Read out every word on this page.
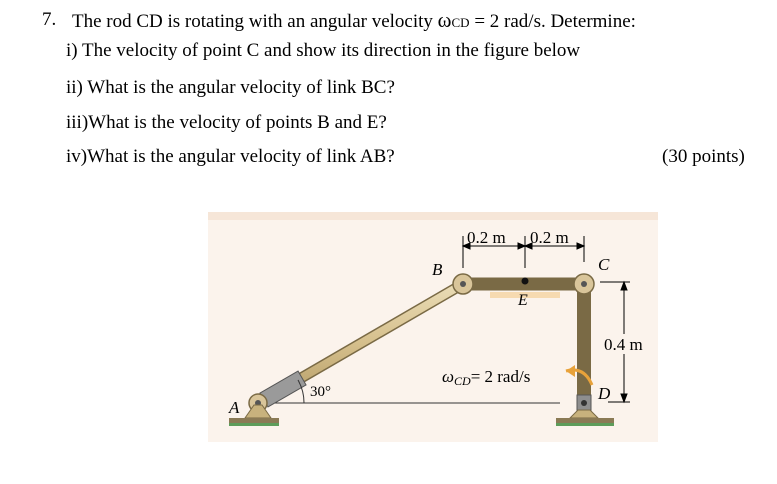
7. The rod CD is rotating with an angular velocity ωCD = 2 rad/s. Determine:
i) The velocity of point C and show its direction in the figure below
ii) What is the angular velocity of link BC?
iii)What is the velocity of points B and E?
iv)What is the angular velocity of link AB?	(30 points)
0.2 m 0.2 m
0.4 m
A
B	C
D
E
30°
ωCD= 2 rad/s
